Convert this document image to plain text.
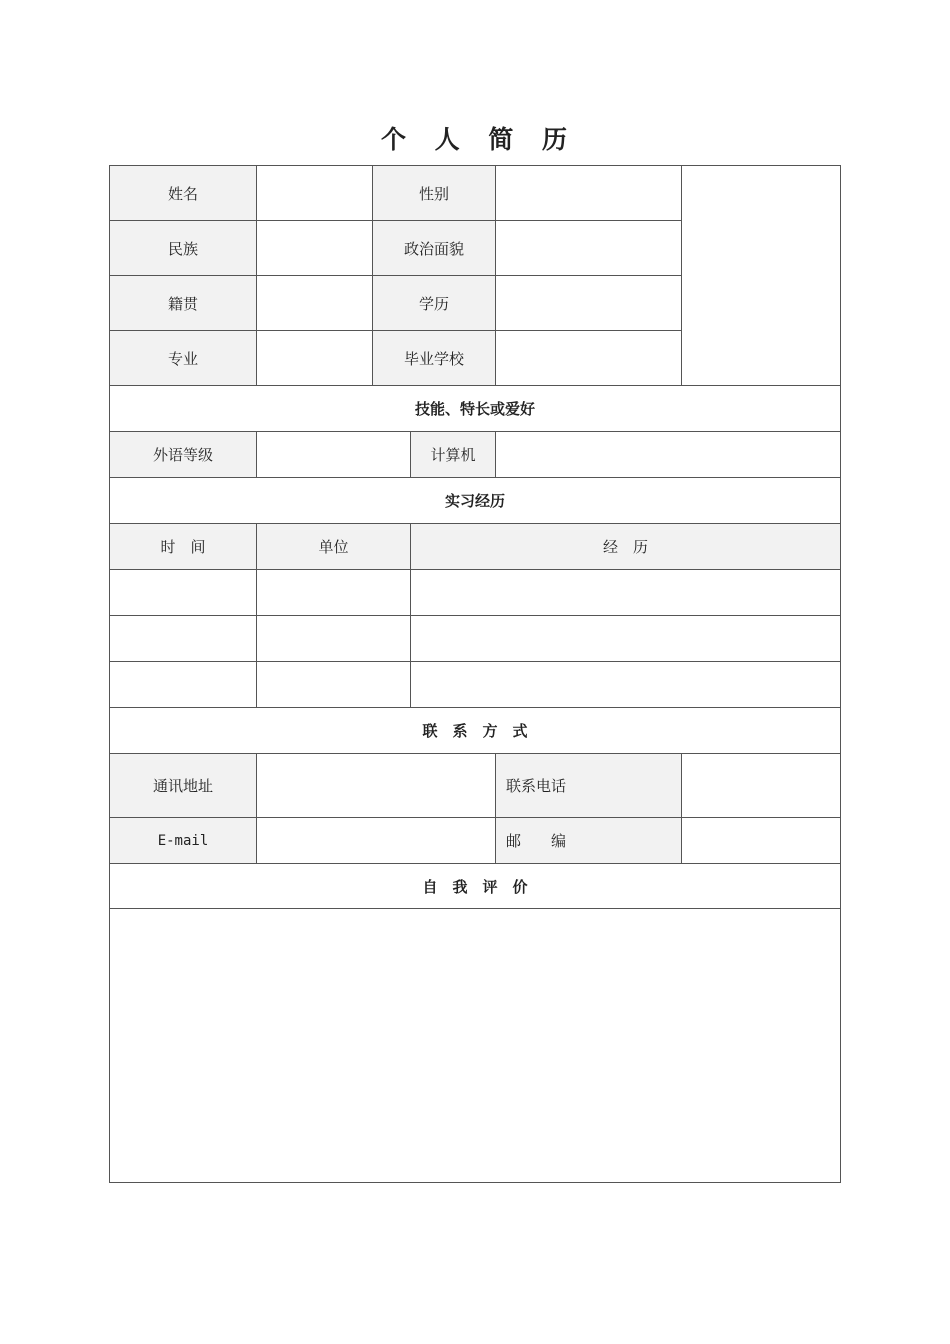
个 人 简 历
姓名	性别
民族	政治面貌
籍贯	学历
专业	毕业学校
技能、特长或爱好
外语等级	计算机
实习经历
时　间	单位	经　历
联　系　方　式
通讯地址	联系电话
E-mail	邮　　编
自　我　评　价
